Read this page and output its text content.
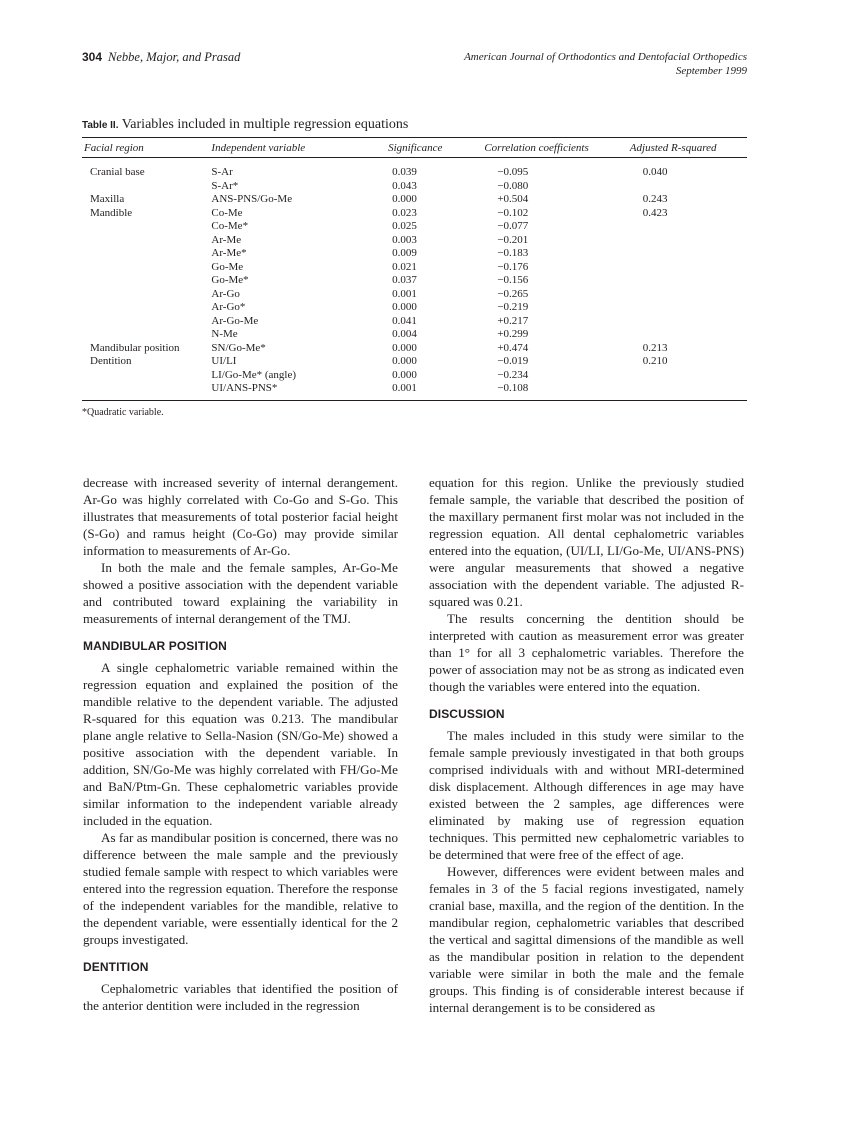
304 Nebbe, Major, and Prasad	American Journal of Orthodontics and Dentofacial Orthopedics
September 1999
Table II. Variables included in multiple regression equations
Facial region	Independent variable	Significance	Correlation coefficients	Adjusted R-squared
Cranial base	S-Ar	0.039	−0.095	0.040
	S-Ar*	0.043	−0.080	
Maxilla	ANS-PNS/Go-Me	0.000	+0.504	0.243
Mandible	Co-Me	0.023	−0.102	0.423
	Co-Me*	0.025	−0.077	
	Ar-Me	0.003	−0.201	
	Ar-Me*	0.009	−0.183	
	Go-Me	0.021	−0.176	
	Go-Me*	0.037	−0.156	
	Ar-Go	0.001	−0.265	
	Ar-Go*	0.000	−0.219	
	Ar-Go-Me	0.041	+0.217	
	N-Me	0.004	+0.299	
Mandibular position	SN/Go-Me*	0.000	+0.474	0.213
Dentition	UI/LI	0.000	−0.019	0.210
	LI/Go-Me* (angle)	0.000	−0.234	
	UI/ANS-PNS*	0.001	−0.108	
*Quadratic variable.

decrease with increased severity of internal derangement. Ar-Go was highly correlated with Co-Go and S-Go. This illustrates that measurements of total posterior facial height (S-Go) and ramus height (Co-Go) may provide similar information to measurements of Ar-Go.

In both the male and the female samples, Ar-Go-Me showed a positive association with the dependent variable and contributed toward explaining the variability in measurements of internal derangement of the TMJ.

MANDIBULAR POSITION

A single cephalometric variable remained within the regression equation and explained the position of the mandible relative to the dependent variable. The adjusted R-squared for this equation was 0.213. The mandibular plane angle relative to Sella-Nasion (SN/Go-Me) showed a positive association with the dependent variable. In addition, SN/Go-Me was highly correlated with FH/Go-Me and BaN/Ptm-Gn. These cephalometric variables provide similar information to the independent variable already included in the equation.

As far as mandibular position is concerned, there was no difference between the male sample and the previously studied female sample with respect to which variables were entered into the regression equation. Therefore the response of the independent variables for the mandible, relative to the dependent variable, were essentially identical for the 2 groups investigated.

DENTITION

Cephalometric variables that identified the position of the anterior dentition were included in the regression

equation for this region. Unlike the previously studied female sample, the variable that described the position of the maxillary permanent first molar was not included in the regression equation. All dental cephalometric variables entered into the equation, (UI/LI, LI/Go-Me, UI/ANS-PNS) were angular measurements that showed a negative association with the dependent variable. The adjusted R-squared was 0.21.

The results concerning the dentition should be interpreted with caution as measurement error was greater than 1° for all 3 cephalometric variables. Therefore the power of association may not be as strong as indicated even though the variables were entered into the equation.

DISCUSSION

The males included in this study were similar to the female sample previously investigated in that both groups comprised individuals with and without MRI-determined disk displacement. Although differences in age may have existed between the 2 samples, age differences were eliminated by making use of regression equation techniques. This permitted new cephalometric variables to be determined that were free of the effect of age.

However, differences were evident between males and females in 3 of the 5 facial regions investigated, namely cranial base, maxilla, and the region of the dentition. In the mandibular region, cephalometric variables that described the vertical and sagittal dimensions of the mandible as well as the mandibular position in relation to the dependent variable were similar in both the male and the female groups. This finding is of considerable interest because if internal derangement is to be considered as
